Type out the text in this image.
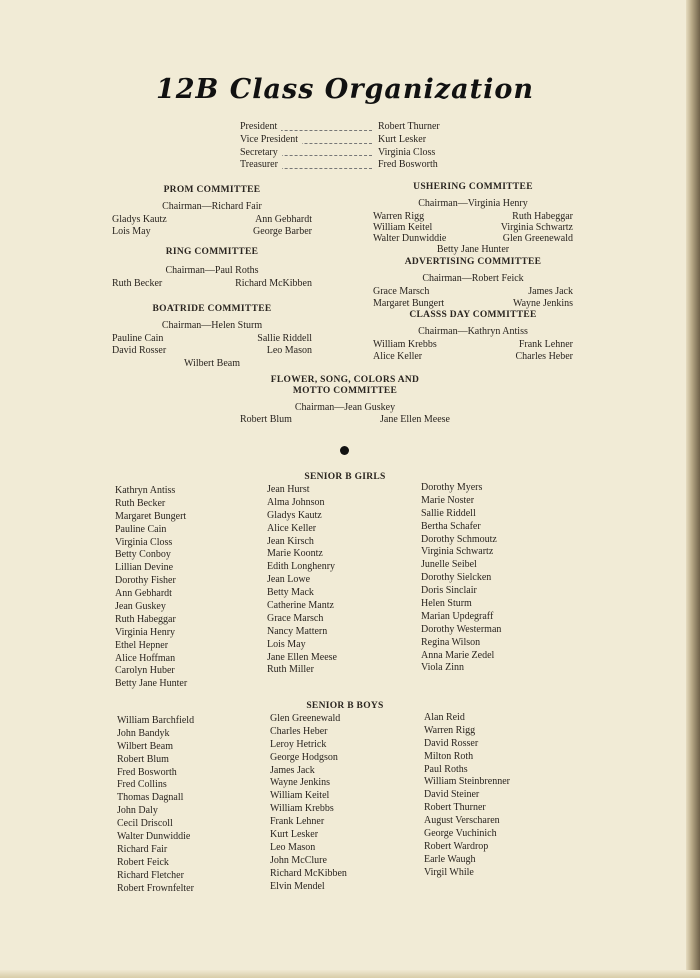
12B Class Organization
President	Robert Thurner
Vice President	Kurt Lesker
Secretary	Virginia Closs
Treasurer	Fred Bosworth
PROM COMMITTEE
Chairman—Richard Fair
Gladys Kautz	Ann Gebhardt
Lois May	George Barber
RING COMMITTEE
Chairman—Paul Roths
Ruth Becker	Richard McKibben
BOATRIDE COMMITTEE
Chairman—Helen Sturm
Pauline Cain	Sallie Riddell
David Rosser	Leo Mason
Wilbert Beam
USHERING COMMITTEE
Chairman—Virginia Henry
Warren Rigg	Ruth Habeggar
William Keitel	Virginia Schwartz
Walter Dunwiddie	Glen Greenewald
Betty Jane Hunter
ADVERTISING COMMITTEE
Chairman—Robert Feick
Grace Marsch	James Jack
Margaret Bungert	Wayne Jenkins
CLASSS DAY COMMITTEE
Chairman—Kathryn Antiss
William Krebbs	Frank Lehner
Alice Keller	Charles Heber
FLOWER, SONG, COLORS AND
MOTTO COMMITTEE
Chairman—Jean Guskey
Robert Blum	Jane Ellen Meese
SENIOR B GIRLS
Kathryn Antiss
Ruth Becker
Margaret Bungert
Pauline Cain
Virginia Closs
Betty Conboy
Lillian Devine
Dorothy Fisher
Ann Gebhardt
Jean Guskey
Ruth Habeggar
Virginia Henry
Ethel Hepner
Alice Hoffman
Carolyn Huber
Betty Jane Hunter
Jean Hurst
Alma Johnson
Gladys Kautz
Alice Keller
Jean Kirsch
Marie Koontz
Edith Longhenry
Jean Lowe
Betty Mack
Catherine Mantz
Grace Marsch
Nancy Mattern
Lois May
Jane Ellen Meese
Ruth Miller
Dorothy Myers
Marie Noster
Sallie Riddell
Bertha Schafer
Dorothy Schmoutz
Virginia Schwartz
Junelle Seibel
Dorothy Sielcken
Doris Sinclair
Helen Sturm
Marian Updegraff
Dorothy Westerman
Regina Wilson
Anna Marie Zedel
Viola Zinn
SENIOR B BOYS
William Barchfield
John Bandyk
Wilbert Beam
Robert Blum
Fred Bosworth
Fred Collins
Thomas Dagnall
John Daly
Cecil Driscoll
Walter Dunwiddie
Richard Fair
Robert Feick
Richard Fletcher
Robert Frownfelter
Glen Greenewald
Charles Heber
Leroy Hetrick
George Hodgson
James Jack
Wayne Jenkins
William Keitel
William Krebbs
Frank Lehner
Kurt Lesker
Leo Mason
John McClure
Richard McKibben
Elvin Mendel
Alan Reid
Warren Rigg
David Rosser
Milton Roth
Paul Roths
William Steinbrenner
David Steiner
Robert Thurner
August Verscharen
George Vuchinich
Robert Wardrop
Earle Waugh
Virgil While
